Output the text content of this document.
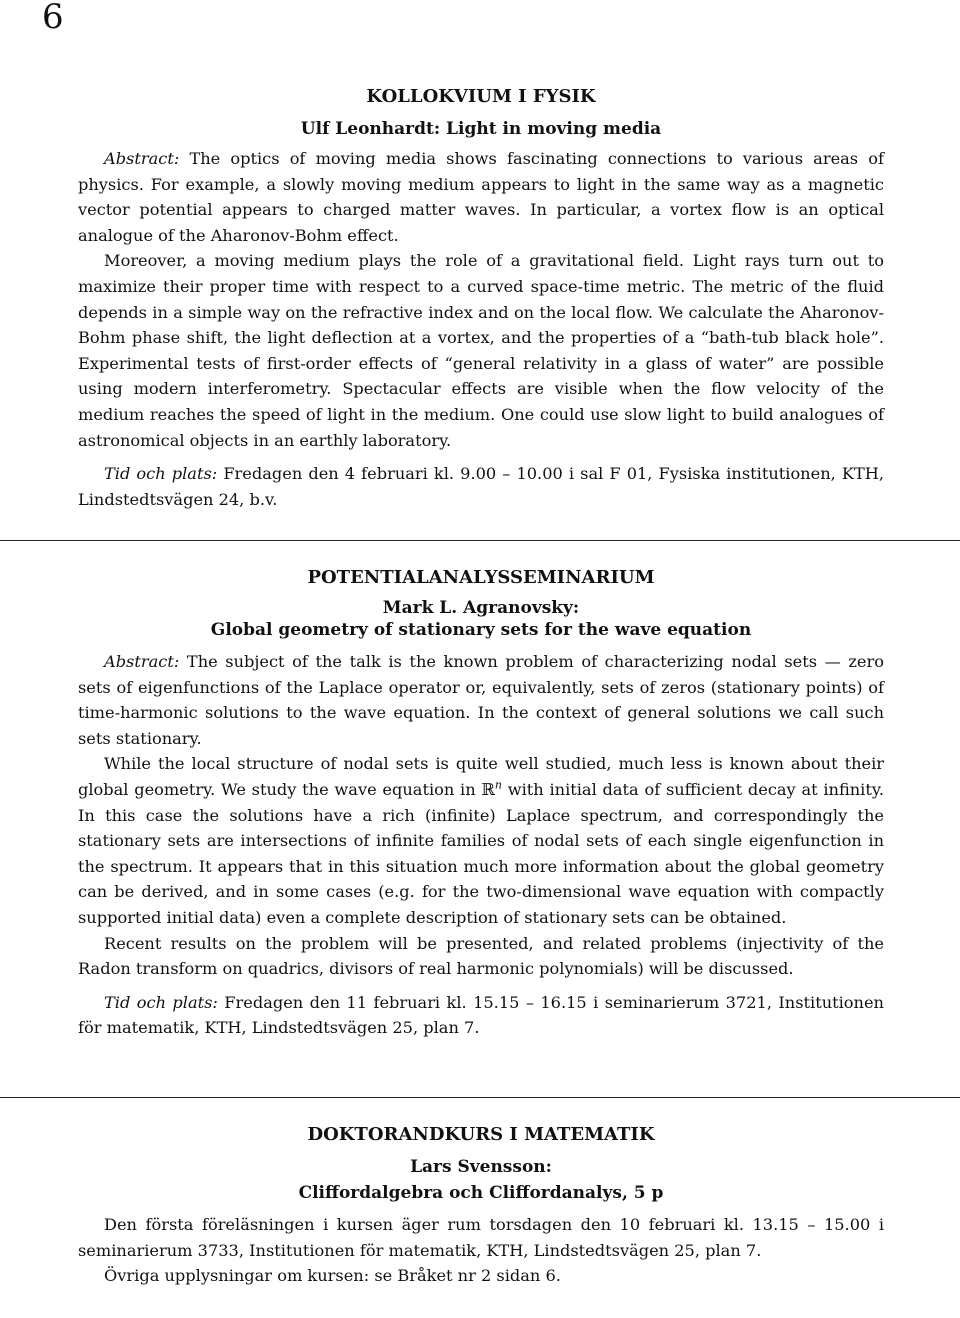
6
KOLLOKVIUM I FYSIK
Ulf Leonhardt: Light in moving media

Abstract: The optics of moving media shows fascinating connections to various areas of physics. For example, a slowly moving medium appears to light in the same way as a magnetic vector potential appears to charged matter waves. In particular, a vortex flow is an optical analogue of the Aharonov-Bohm effect.

Moreover, a moving medium plays the role of a gravitational field. Light rays turn out to maximize their proper time with respect to a curved space-time metric. The metric of the fluid depends in a simple way on the refractive index and on the local flow. We calculate the Aharonov-Bohm phase shift, the light deflection at a vortex, and the properties of a “bath-tub black hole”. Experimental tests of first-order effects of “general relativity in a glass of water” are possible using modern interferometry. Spectacular effects are visible when the flow velocity of the medium reaches the speed of light in the medium. One could use slow light to build analogues of astronomical objects in an earthly laboratory.

Tid och plats: Fredagen den 4 februari kl. 9.00 – 10.00 i sal F 01, Fysiska institutionen, KTH, Lindstedtsvägen 24, b.v.

POTENTIALANALYSSEMINARIUM
Mark L. Agranovsky:
Global geometry of stationary sets for the wave equation

Abstract: The subject of the talk is the known problem of characterizing nodal sets — zero sets of eigenfunctions of the Laplace operator or, equivalently, sets of zeros (stationary points) of time-harmonic solutions to the wave equation. In the context of general solutions we call such sets stationary.

While the local structure of nodal sets is quite well studied, much less is known about their global geometry. We study the wave equation in ℝ$^n$ with initial data of sufficient decay at infinity. In this case the solutions have a rich (infinite) Laplace spectrum, and correspondingly the stationary sets are intersections of infinite families of nodal sets of each single eigenfunction in the spectrum. It appears that in this situation much more information about the global geometry can be derived, and in some cases (e.g. for the two-dimensional wave equation with compactly supported initial data) even a complete description of stationary sets can be obtained.

Recent results on the problem will be presented, and related problems (injectivity of the Radon transform on quadrics, divisors of real harmonic polynomials) will be discussed.

Tid och plats: Fredagen den 11 februari kl. 15.15 – 16.15 i seminarierum 3721, Institutionen för matematik, KTH, Lindstedtsvägen 25, plan 7.

DOKTORANDKURS I MATEMATIK
Lars Svensson:
Cliffordalgebra och Cliffordanalys, 5 p

Den första föreläsningen i kursen äger rum torsdagen den 10 februari kl. 13.15 – 15.00 i seminarierum 3733, Institutionen för matematik, KTH, Lindstedtsvägen 25, plan 7.

Övriga upplysningar om kursen: se Bråket nr 2 sidan 6.
